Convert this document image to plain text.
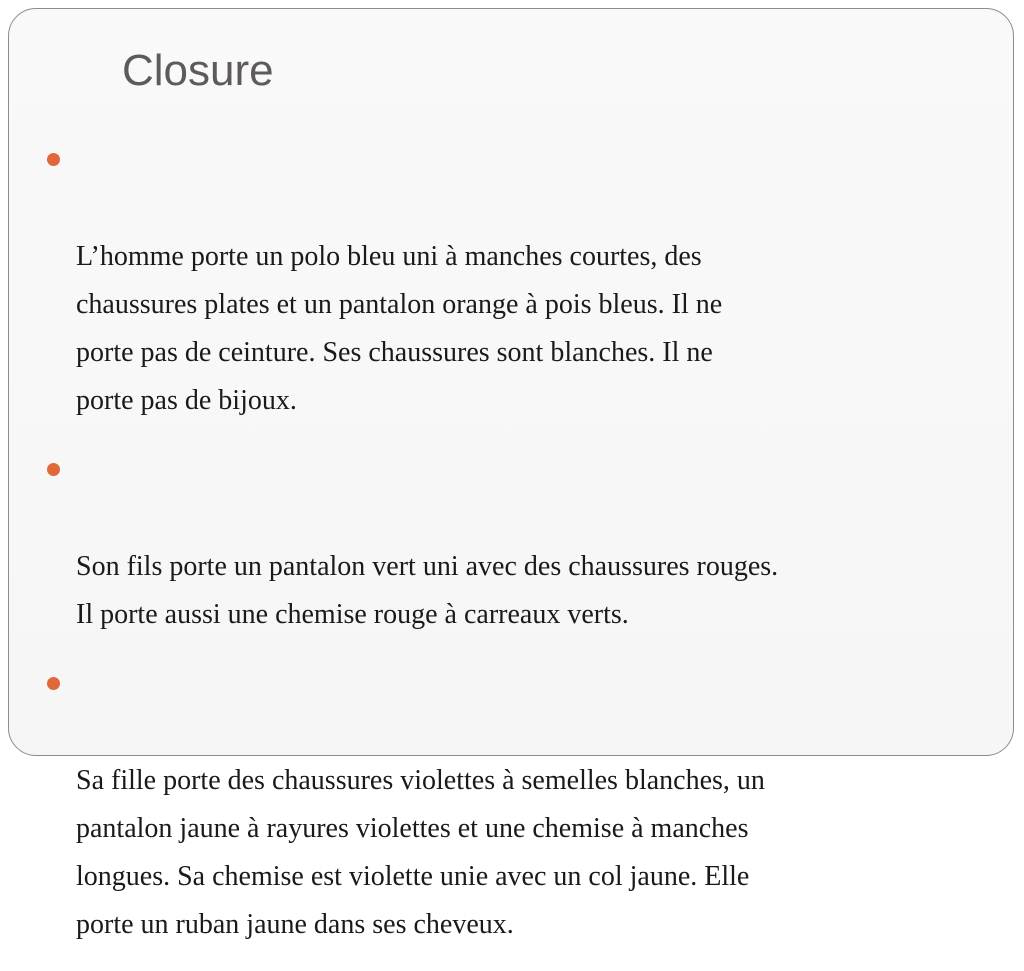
Closure

L’homme porte un polo bleu uni à manches courtes, des
chaussures plates et un pantalon orange à pois bleus. Il ne
porte pas de ceinture. Ses chaussures sont blanches. Il ne
porte pas de bijoux.

Son fils porte un pantalon vert uni avec des chaussures rouges.
Il porte aussi une chemise rouge à carreaux verts.

Sa fille porte des chaussures violettes à semelles blanches, un
pantalon jaune à rayures violettes et une chemise à manches
longues. Sa chemise est violette unie avec un col jaune. Elle
porte un ruban jaune dans ses cheveux.
